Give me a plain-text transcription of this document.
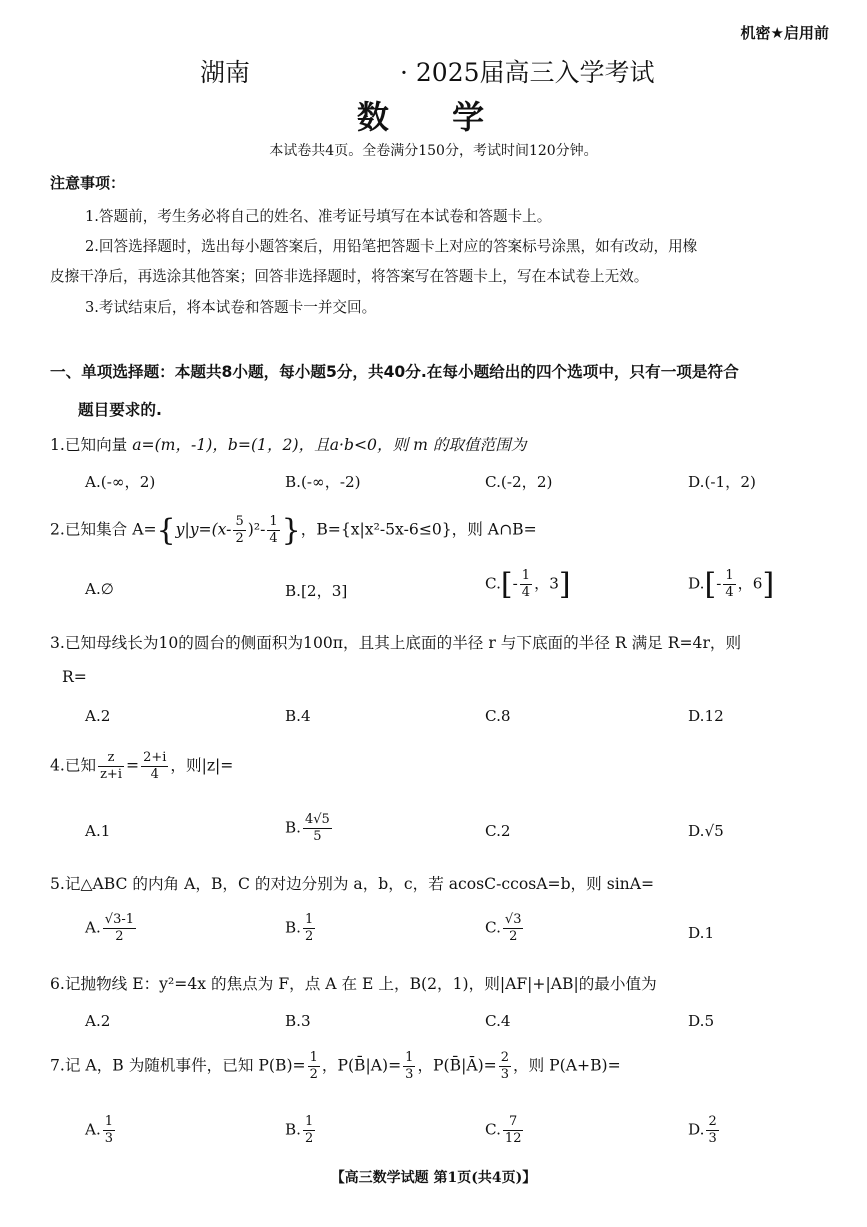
机密★启用前
湖南	· 2025届高三入学考试
数 学
本试卷共4页。全卷满分150分，考试时间120分钟。
注意事项：
1.答题前，考生务必将自己的姓名、准考证号填写在本试卷和答题卡上。
2.回答选择题时，选出每小题答案后，用铅笔把答题卡上对应的答案标号涂黑，如有改动，用橡
皮擦干净后，再选涂其他答案；回答非选择题时，将答案写在答题卡上，写在本试卷上无效。
3.考试结束后，将本试卷和答题卡一并交回。
一、单项选择题：本题共8小题，每小题5分，共40分.在每小题给出的四个选项中，只有一项是符合
题目要求的.
1.已知向量 a=(m，-1)，b=(1，2)，且a·b<0，则 m 的取值范围为
A.(-∞，2)	B.(-∞，-2)	C.(-2，2)	D.(-1，2)
2.已知集合 $A=\{y|y=(x- \frac{5}{2} )^2- \frac{1}{4}$ }，B={x|x²-5x-6≤0}，则 A∩B=
A.∅	B.[2，3]	$C.[- \frac{1}{4}$ ，3]	$D.[- \frac{1}{4}$ ，6]
3.已知母线长为10的圆台的侧面积为100π，且其上底面的半径 r 与下底面的半径 R 满足 R=4r，则
R=
A.2	B.4	C.8	D.12
4.已知 $\frac{z}{z+i} = \frac{2+i}{4}$ ，则|z|=
A.1	B. $\frac{4√5}{5}$	C.2	D.√5
5.记△ABC 的内角 A，B，C 的对边分别为 a，b，c，若 acosC-ccosA=b，则 sinA=
A. $\frac{√3-1}{2}$	B. $\frac{1}{2}$	C. $\frac{√3}{2}$	D.1
6.记抛物线 E：y²=4x 的焦点为 F，点 A 在 E 上，B(2，1)，则|AF|+|AB|的最小值为
A.2	B.3	C.4	D.5
7.记 A，B 为随机事件，已知 $P(B)= \frac{1}{2}$ ，P(B̄|A)= $\frac{1}{3}$ ，P(B̄|Ā)= $\frac{2}{3}$ ，则 P(A+B)=
A. $\frac{1}{3}$	B. $\frac{1}{2}$	C. $\frac{7}{12}$	D. $\frac{2}{3}$
【高三数学试题 第1页(共4页)】
